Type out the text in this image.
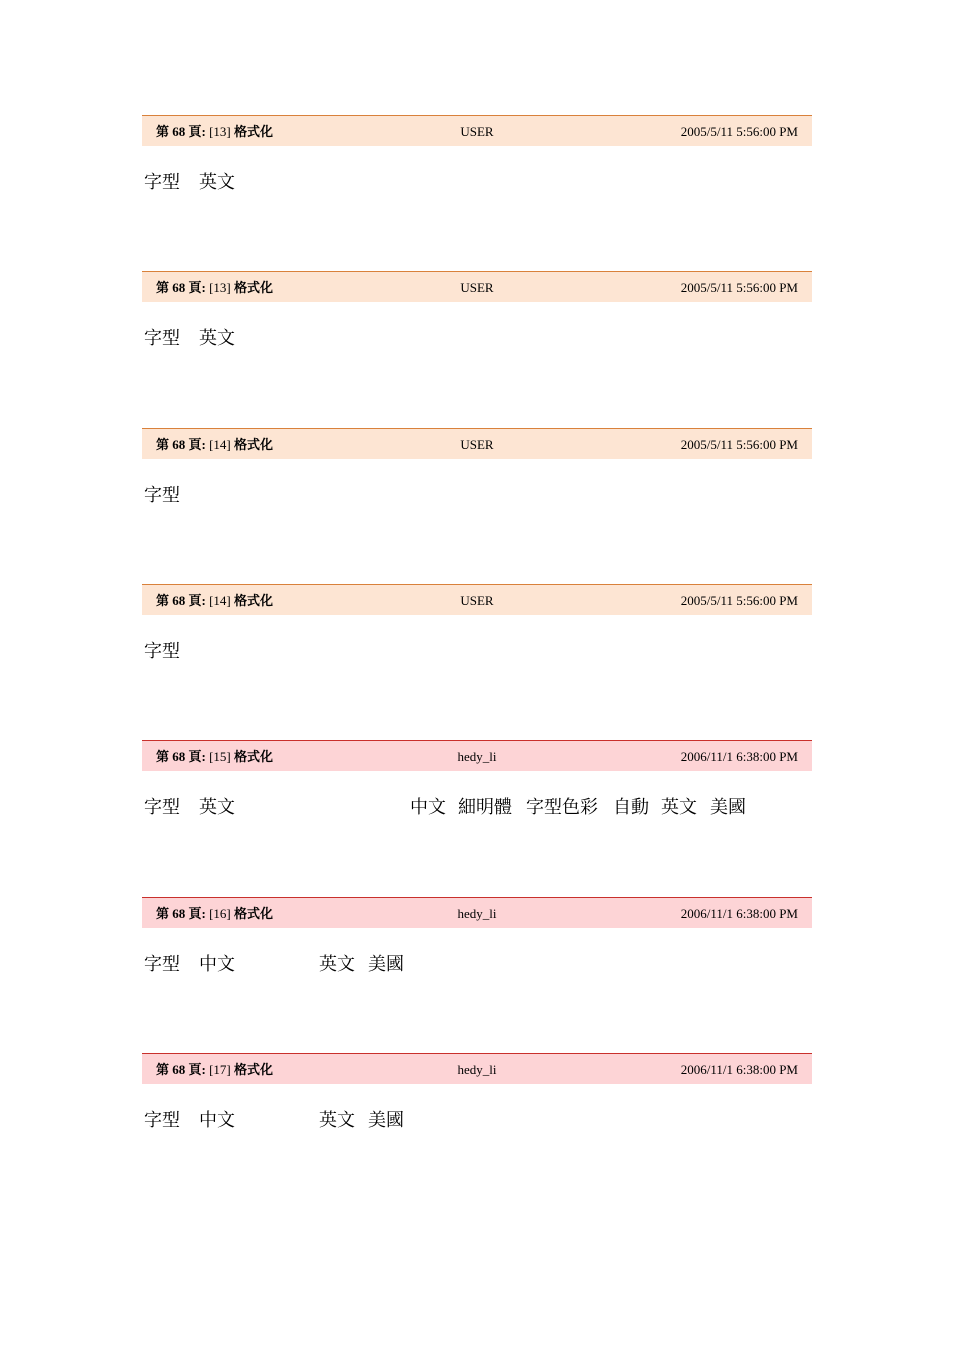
第 68 頁: [13] 格式化	USER	2005/5/11 5:56:00 PM
字型 英文
第 68 頁: [13] 格式化	USER	2005/5/11 5:56:00 PM
字型 英文
第 68 頁: [14] 格式化	USER	2005/5/11 5:56:00 PM
字型
第 68 頁: [14] 格式化	USER	2005/5/11 5:56:00 PM
字型
第 68 頁: [15] 格式化	hedy_li	2006/11/1 6:38:00 PM
字型 英文	中文 細明體 字型色彩 自動 英文 美國
第 68 頁: [16] 格式化	hedy_li	2006/11/1 6:38:00 PM
字型 中文	英文 美國
第 68 頁: [17] 格式化	hedy_li	2006/11/1 6:38:00 PM
字型 中文	英文 美國
